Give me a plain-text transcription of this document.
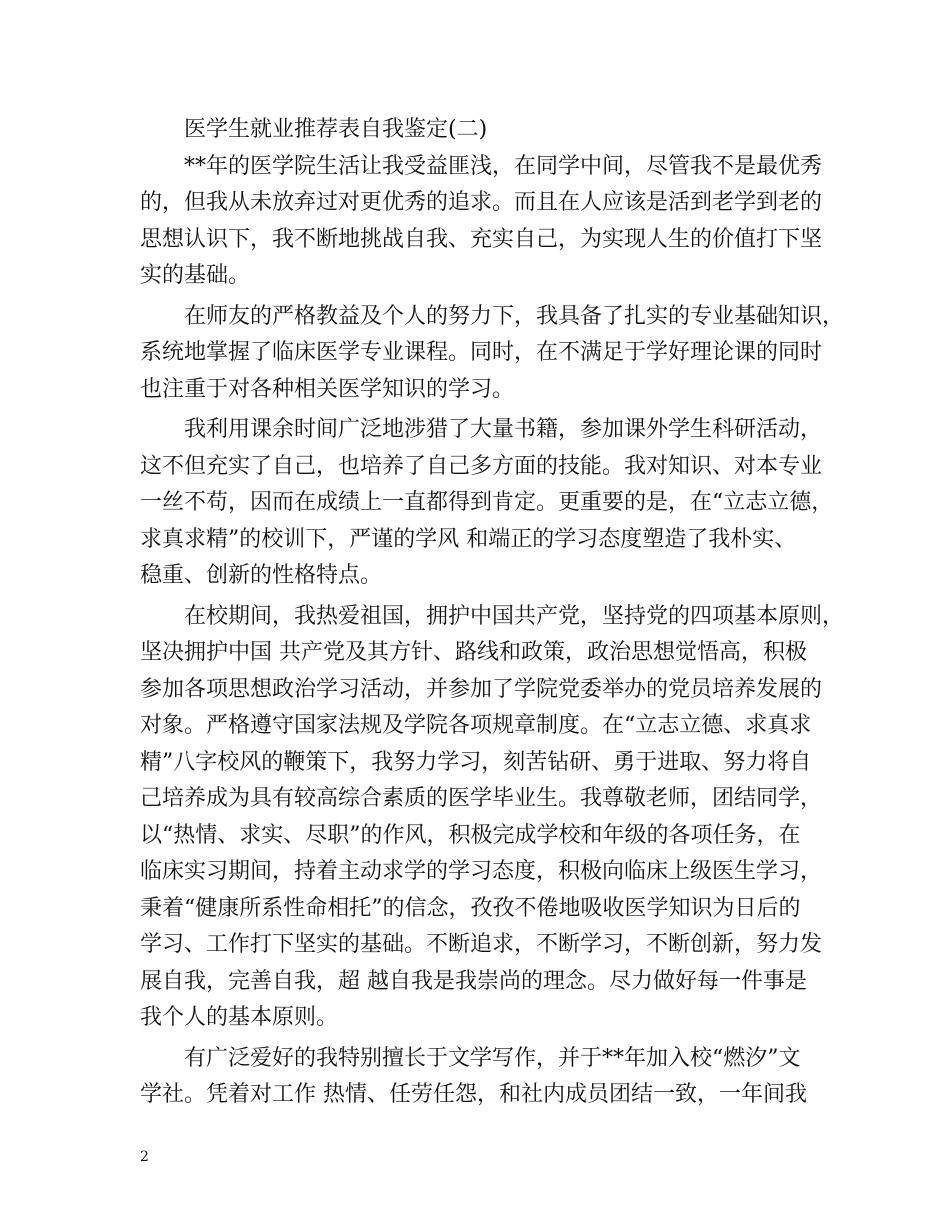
医学生就业推荐表自我鉴定(二)
**年的医学院生活让我受益匪浅，在同学中间，尽管我不是最优秀
的，但我从未放弃过对更优秀的追求。而且在人应该是活到老学到老的
思想认识下，我不断地挑战自我、充实自己，为实现人生的价值打下坚
实的基础。
在师友的严格教益及个人的努力下，我具备了扎实的专业基础知识，
系统地掌握了临床医学专业课程。同时，在不满足于学好理论课的同时
也注重于对各种相关医学知识的学习。
我利用课余时间广泛地涉猎了大量书籍，参加课外学生科研活动，
这不但充实了自己，也培养了自己多方面的技能。我对知识、对本专业
一丝不苟，因而在成绩上一直都得到肯定。更重要的是，在“立志立德，
求真求精”的校训下，严谨的学风 和端正的学习态度塑造了我朴实、
稳重、创新的性格特点。
在校期间，我热爱祖国，拥护中国共产党，坚持党的四项基本原则，
坚决拥护中国 共产党及其方针、路线和政策，政治思想觉悟高，积极
参加各项思想政治学习活动，并参加了学院党委举办的党员培养发展的
对象。严格遵守国家法规及学院各项规章制度。在“立志立德、求真求
精”八字校风的鞭策下，我努力学习，刻苦钻研、勇于进取、努力将自
己培养成为具有较高综合素质的医学毕业生。我尊敬老师，团结同学，
以“热情、求实、尽职”的作风，积极完成学校和年级的各项任务，在
临床实习期间，持着主动求学的学习态度，积极向临床上级医生学习，
秉着“健康所系性命相托”的信念，孜孜不倦地吸收医学知识为日后的
学习、工作打下坚实的基础。不断追求，不断学习，不断创新，努力发
展自我，完善自我，超 越自我是我崇尚的理念。尽力做好每一件事是
我个人的基本原则。
有广泛爱好的我特别擅长于文学写作，并于**年加入校“燃汐”文
学社。凭着对工作 热情、任劳任怨，和社内成员团结一致，一年间我
2
